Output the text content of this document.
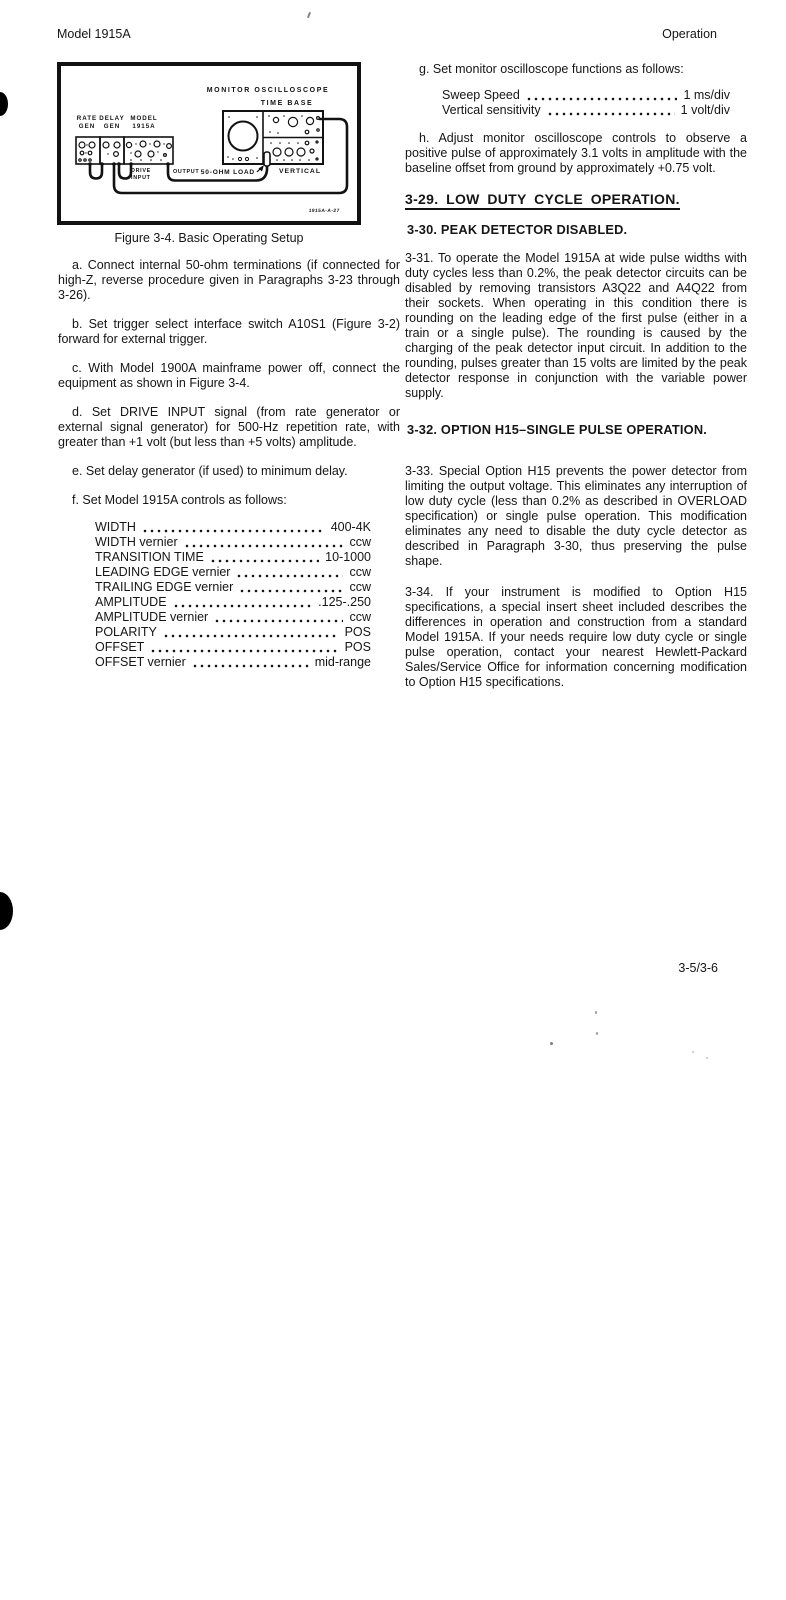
Model 1915A	Operation
MONITOR OSCILLOSCOPE
TIME BASE
RATE
GEN
DELAY
GEN
MODEL
1915A
DRIVE
INPUT
OUTPUT 50-OHM LOAD	VERTICAL
1915A-A-27
Figure 3-4. Basic Operating Setup

a. Connect internal 50-ohm terminations (if connected for high-Z, reverse procedure given in Paragraphs 3-23 through 3-26).

b. Set trigger select interface switch A10S1 (Figure 3-2) forward for external trigger.

c. With Model 1900A mainframe power off, connect the equipment as shown in Figure 3-4.

d. Set DRIVE INPUT signal (from rate generator or external signal generator) for 500-Hz repetition rate, with greater than +1 volt (but less than +5 volts) amplitude.

e. Set delay generator (if used) to minimum delay.

f. Set Model 1915A controls as follows:

WIDTH	400-4K
WIDTH vernier	ccw
TRANSITION TIME	10-1000
LEADING EDGE vernier	ccw
TRAILING EDGE vernier	ccw
AMPLITUDE	.125-.250
AMPLITUDE vernier	ccw
POLARITY	POS
OFFSET	POS
OFFSET vernier	mid-range

g. Set monitor oscilloscope functions as follows:

Sweep Speed	1 ms/div
Vertical sensitivity	1 volt/div

h. Adjust monitor oscilloscope controls to observe a positive pulse of approximately 3.1 volts in amplitude with the baseline offset from ground by approximately +0.75 volt.

3-29. LOW DUTY CYCLE OPERATION.
3-30. PEAK DETECTOR DISABLED.

3-31. To operate the Model 1915A at wide pulse widths with duty cycles less than 0.2%, the peak detector circuits can be disabled by removing transistors A3Q22 and A4Q22 from their sockets. When operating in this condition there is rounding on the leading edge of the first pulse (either in a train or a single pulse). The rounding is caused by the charging of the peak detector input circuit. In addition to the rounding, pulses greater than 15 volts are limited by the peak detector response in conjunction with the variable power supply.

3-32. OPTION H15–SINGLE PULSE OPERATION.

3-33. Special Option H15 prevents the power detector from limiting the output voltage. This eliminates any interruption of low duty cycle (less than 0.2% as described in OVERLOAD specification) or single pulse operation. This modification eliminates any need to disable the duty cycle detector as described in Paragraph 3-30, thus preserving the pulse shape.

3-34. If your instrument is modified to Option H15 specifications, a special insert sheet included describes the differences in operation and construction from a standard Model 1915A. If your needs require low duty cycle or single pulse operation, contact your nearest Hewlett-Packard Sales/Service Office for information concerning modification to Option H15 specifications.

3-5/3-6
